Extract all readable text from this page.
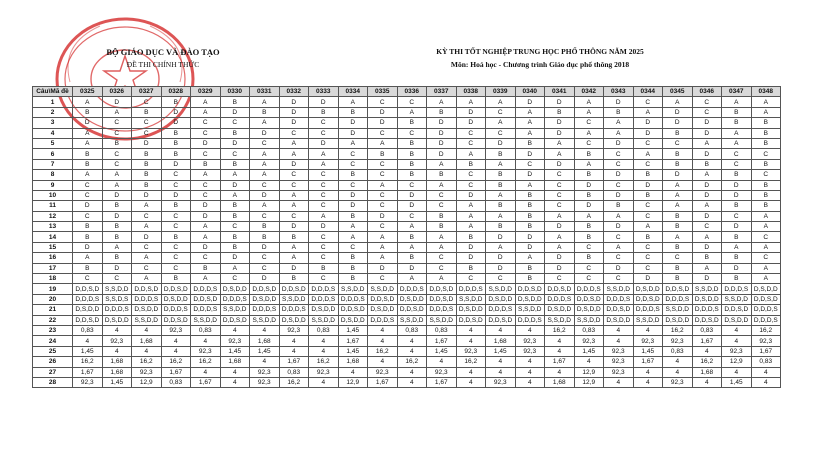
BỘ GIÁO DỤC VÀ ĐÀO TẠO
ĐỀ THI CHÍNH THỨC
KỲ THI TỐT NGHIỆP TRUNG HỌC PHỔ THÔNG NĂM 2025
Môn: Hoá học - Chương trình Giáo dục phổ thông 2018
Câu\Mã đề	0325	0326	0327	0328	0329	0330	0331	0332	0333	0334	0335	0336	0337	0338	0339	0340	0341	0342	0343	0344	0345	0346	0347	0348
1	A	D	C	B	A	B	A	D	D	A	C	C	A	A	A	D	D	A	D	C	A	C	A	A
2	B	A	B	D	A	D	B	D	B	B	D	A	B	D	C	A	B	A	B	A	D	C	B	A
3	D	C	C	D	C	C	A	D	C	D	D	B	D	D	A	A	D	C	A	D	D	D	B	B
4	A	C	C	B	C	B	D	C	C	D	C	C	D	C	C	A	D	A	A	D	B	D	A	B
5	A	B	D	B	D	D	C	A	D	A	A	B	D	C	D	B	A	C	D	C	C	A	A	B
6	B	C	B	B	C	C	A	A	A	C	B	B	D	A	B	D	A	B	C	A	B	D	C	C
7	B	C	B	D	B	B	A	D	A	C	C	B	A	B	A	C	D	A	C	C	B	B	C	B
8	A	A	B	C	A	A	A	C	C	B	C	B	B	C	B	D	C	B	D	B	D	A	B	C
9	C	A	B	C	C	D	C	C	C	C	A	C	A	C	B	A	C	D	C	D	A	D	D	B
10	C	D	D	D	C	A	D	A	C	D	C	D	C	D	A	B	C	B	D	B	A	D	D	B
11	D	B	A	B	D	B	A	A	C	D	C	D	C	A	B	B	C	D	B	C	A	A	B	B
12	C	D	C	C	D	B	C	C	A	B	D	C	B	A	A	B	A	A	A	C	B	D	C	A
13	B	B	A	C	A	C	B	D	D	A	C	A	B	A	B	B	D	B	D	A	B	C	D	A
14	B	B	D	B	A	B	B	B	C	A	A	B	A	B	D	D	A	B	C	B	A	A	B	C
15	D	A	C	C	D	B	D	A	C	C	A	A	A	D	A	D	A	C	A	C	B	D	A	A
16	A	B	A	C	C	D	C	A	C	B	A	B	C	D	D	A	D	B	C	C	C	B	B	C
17	B	D	C	C	B	A	C	D	B	B	D	D	C	B	D	B	D	C	D	C	B	A	D	A
18	C	C	A	B	A	C	D	B	C	B	C	A	A	C	C	B	C	C	C	D	B	D	B	A
19	D,D,S,D	S,S,D,D	D,D,S,D	D,D,S,D	D,D,D,S	D,S,D,D	D,D,S,D	D,D,S,D	D,D,D,S	S,S,D,D	S,S,D,D	D,D,D,S	D,D,S,D	D,D,D,S	S,S,D,D	D,D,S,D	D,D,S,D	D,D,D,S	S,S,D,D	D,S,D,D	D,D,S,D	S,S,D,D	D,D,D,S	D,S,D,D
20	D,D,D,S	S,S,D,S	D,D,D,S	D,S,D,D	D,D,S,D	D,D,D,S	D,S,D,D	S,S,D,D	D,D,D,S	D,D,D,S	D,D,S,D	D,S,D,D	D,D,S,D	S,S,D,D	D,S,D,D	D,S,D,D	D,D,D,S	D,D,S,D	D,D,D,S	D,D,S,D	D,D,D,S	D,S,D,D	S,S,D,D	D,D,S,D
21	D,S,D,D	D,D,D,S	D,S,D,D	D,D,D,S	D,D,D,S	S,S,D,D	D,D,D,S	D,D,D,S	D,S,D,D	D,D,S,D	D,S,D,D	D,D,S,D	D,D,D,S	D,S,D,D	D,D,D,S	S,S,D,D	D,S,D,D	D,S,D,D	D,D,S,D	D,D,D,S	S,S,D,D	D,D,D,S	D,D,S,D	D,D,D,S
22	D,D,S,D	D,S,D,D	S,S,D,D	D,D,S,D	S,S,D,D	D,D,S,D	S,S,D,D	D,S,D,D	S,S,D,D	D,S,D,D	D,D,D,S	S,S,D,D	S,S,D,D	D,D,S,D	D,D,S,D	D,D,D,S	S,S,D,D	S,S,D,D	D,S,D,D	S,S,D,D	D,S,D,D	D,D,S,D	D,S,D,D	D,D,D,S
23	0,83	4	4	92,3	0,83	4	4	92,3	0,83	1,45	4	0,83	0,83	4	4	4	16,2	0,83	4	4	16,2	0,83	4	16,2
24	4	92,3	1,68	4	4	92,3	1,68	4	4	1,67	4	4	1,67	4	1,68	92,3	4	92,3	4	92,3	92,3	1,67	4	92,3
25	1,45	4	4	4	92,3	1,45	1,45	4	4	1,45	16,2	4	1,45	92,3	1,45	92,3	4	1,45	92,3	1,45	0,83	4	92,3	1,67
26	16,2	1,68	16,2	16,2	16,2	1,68	4	1,67	16,2	1,68	4	16,2	4	16,2	4	4	1,67	4	92,3	1,67	4	16,2	12,9	0,83
27	1,67	1,68	92,3	1,67	4	4	92,3	0,83	92,3	4	92,3	4	92,3	4	4	4	4	12,9	92,3	4	4	1,68	4	4
28	92,3	1,45	12,9	0,83	1,67	4	92,3	16,2	4	12,9	1,67	4	1,67	4	92,3	4	1,68	12,9	4	4	92,3	4	1,45	4
